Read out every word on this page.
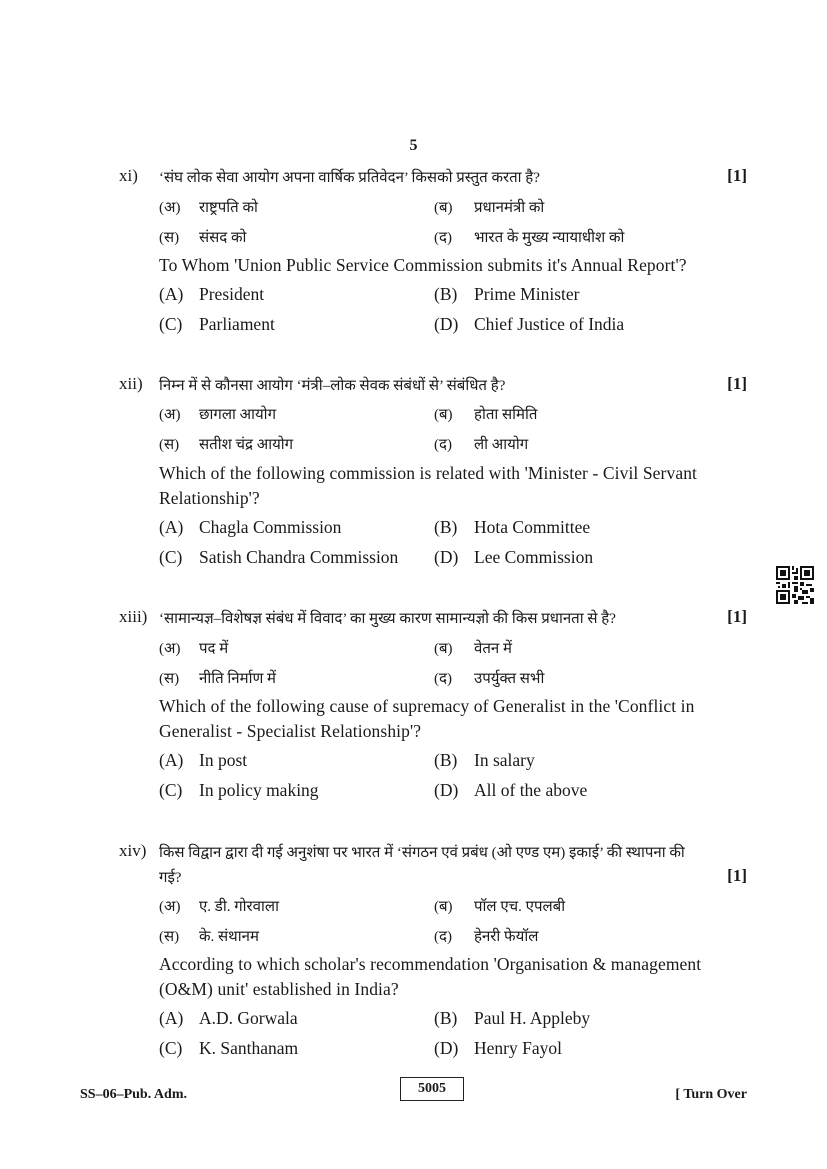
5
xi) ‘संघ लोक सेवा आयोग अपना वार्षिक प्रतिवेदन’ किसको प्रस्तुत करता है?	[1]
(अ) राष्ट्रपति को	(ब) प्रधानमंत्री को
(स) संसद को	(द) भारत के मुख्य न्यायाधीश को
To Whom 'Union Public Service Commission submits it's Annual Report'?
(A) President	(B) Prime Minister
(C) Parliament	(D) Chief Justice of India
xii) निम्न में से कौनसा आयोग ‘मंत्री–लोक सेवक संबंधों से’ संबंधित है?	[1]
(अ) छागला आयोग	(ब) होता समिति
(स) सतीश चंद्र आयोग	(द) ली आयोग
Which of the following commission is related with 'Minister - Civil Servant
Relationship'?
(A) Chagla Commission	(B) Hota Committee
(C) Satish Chandra Commission (D) Lee Commission
xiii) ‘सामान्यज्ञ–विशेषज्ञ संबंध में विवाद’ का मुख्य कारण सामान्यज्ञो की किस प्रधानता से है?	[1]
(अ) पद में	(ब) वेतन में
(स) नीति निर्माण में	(द) उपर्युक्त सभी
Which of the following cause of supremacy of Generalist in the 'Conflict in
Generalist - Specialist Relationship'?
(A) In post	(B) In salary
(C) In policy making	(D) All of the above
xiv) किस विद्वान द्वारा दी गई अनुशंषा पर भारत में ‘संगठन एवं प्रबंध (ओ एण्ड एम) इकाई’ की स्थापना की
गई?	[1]
(अ) ए. डी. गोरवाला	(ब) पॉल एच. एपलबी
(स) के. संथानम	(द) हेनरी फेयॉल
According to which scholar's recommendation 'Organisation & management
(O&M) unit' established in India?
(A) A.D. Gorwala	(B) Paul H. Appleby
(C) K. Santhanam	(D) Henry Fayol
SS–06–Pub. Adm.	5005	[ Turn Over
